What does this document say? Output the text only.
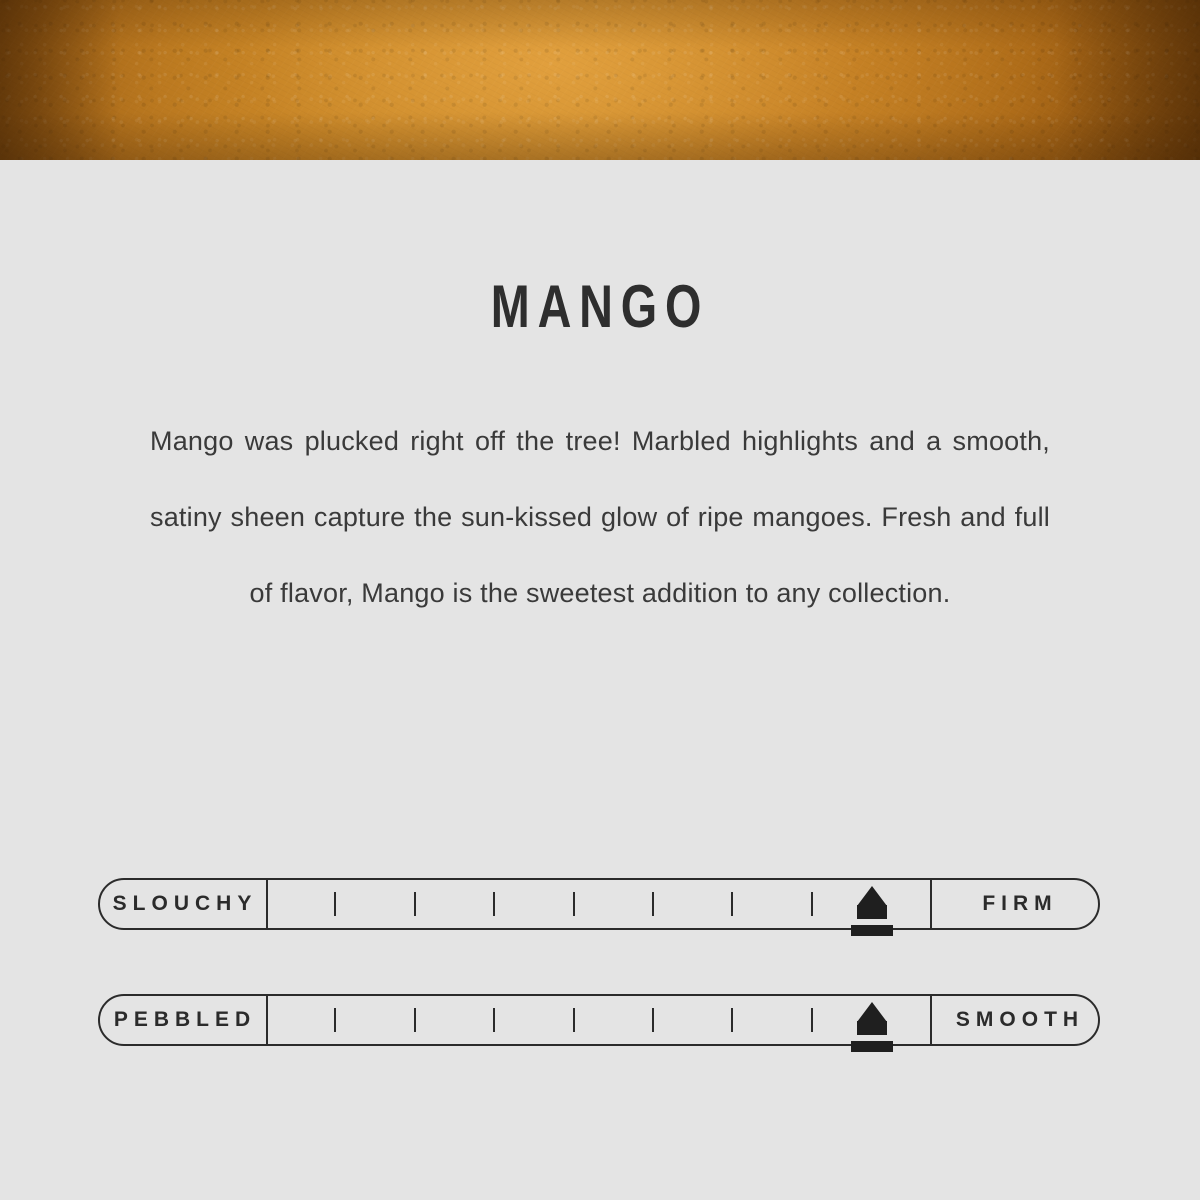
MANGO

Mango was plucked right off the tree! Marbled highlights and a smooth, satiny sheen capture the sun-kissed glow of ripe mangoes. Fresh and full of flavor, Mango is the sweetest addition to any collection.

SLOUCHY	FIRM
PEBBLED	SMOOTH
